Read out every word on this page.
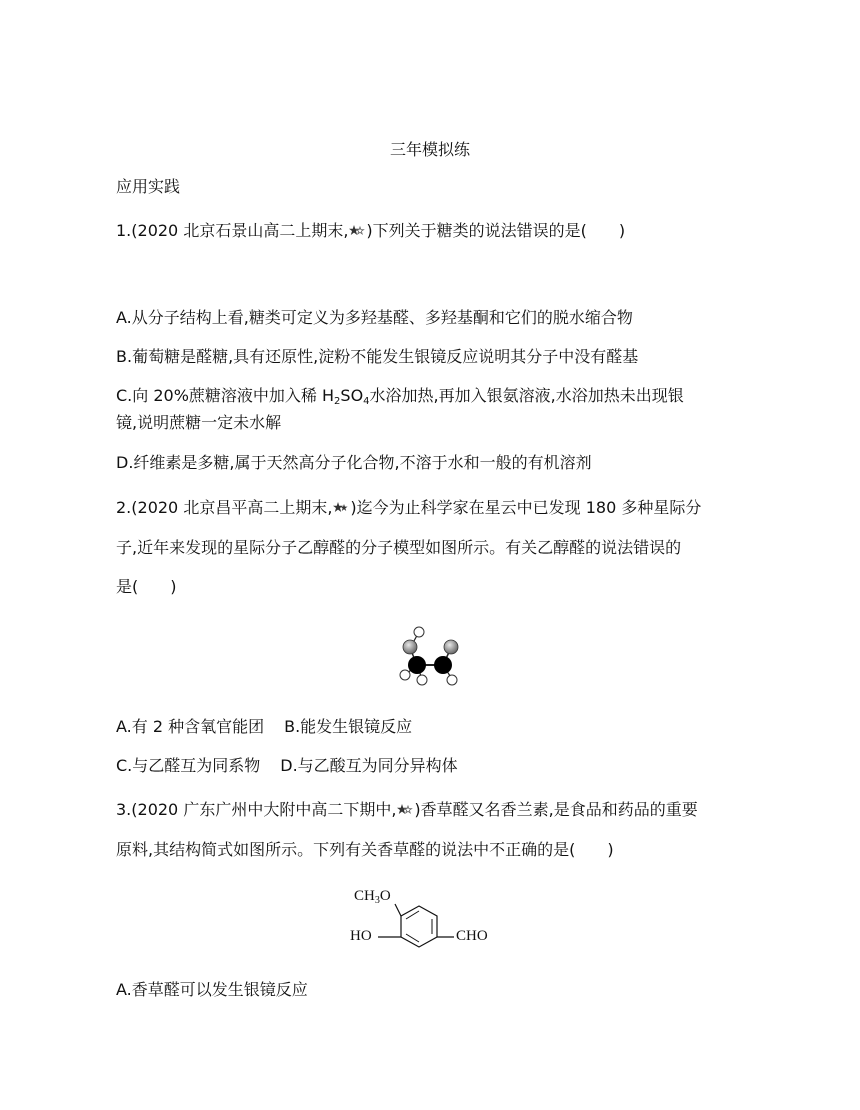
三年模拟练
应用实践
1.(2020 北京石景山高二上期末, )下列关于糖类的说法错误的是( )
A.从分子结构上看,糖类可定义为多羟基醛、多羟基酮和它们的脱水缩合物
B.葡萄糖是醛糖,具有还原性,淀粉不能发生银镜反应说明其分子中没有醛基
C.向 20%蔗糖溶液中加入稀 $H_2SO_4$水浴加热,再加入银氨溶液,水浴加热未出现银
镜,说明蔗糖一定未水解
D.纤维素是多糖,属于天然高分子化合物,不溶于水和一般的有机溶剂
2.(2020 北京昌平高二上期末, )迄今为止科学家在星云中已发现 180 多种星际分
子,近年来发现的星际分子乙醇醛的分子模型如图所示。有关乙醇醛的说法错误的
是( )
A.有 2 种含氧官能团 B.能发生银镜反应
C.与乙醛互为同系物 D.与乙酸互为同分异构体
3.(2020 广东广州中大附中高二下期中, )香草醛又名香兰素,是食品和药品的重要
原料,其结构简式如图所示。下列有关香草醛的说法中不正确的是( )
$CH_3O$
HO	CHO
A.香草醛可以发生银镜反应
